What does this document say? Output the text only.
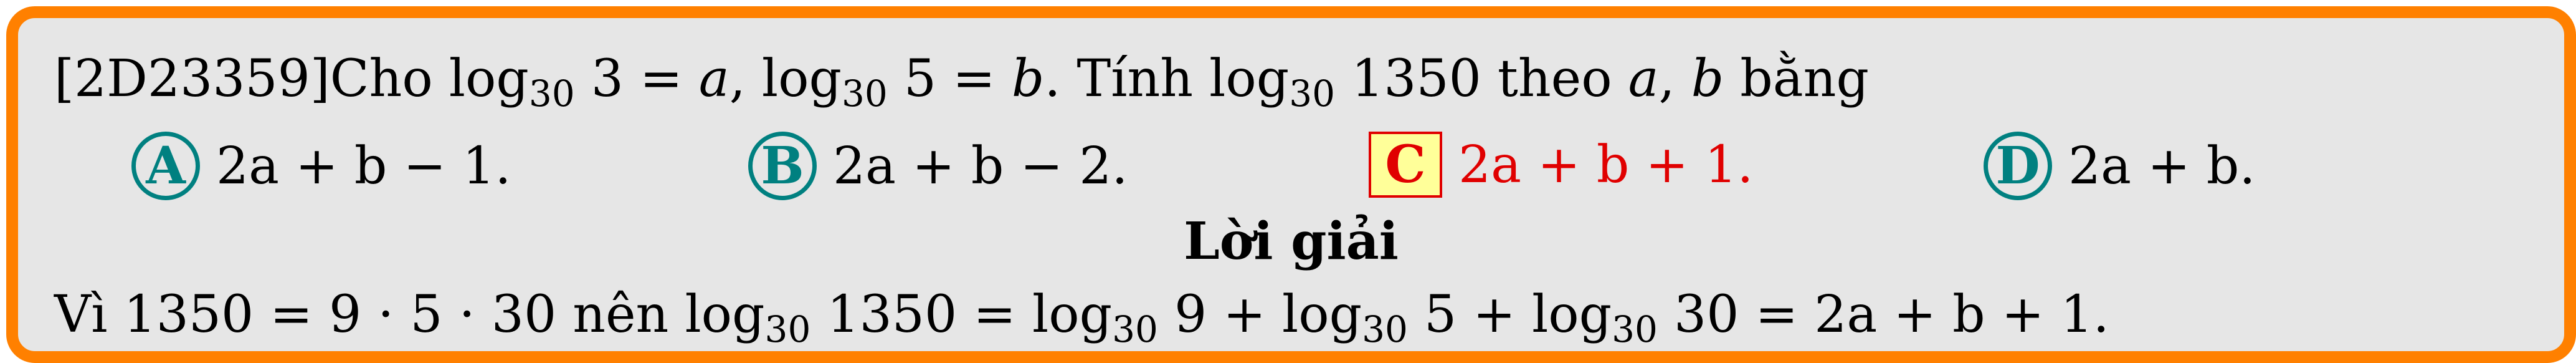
[2D23359]Cho $\log_{30} 3 = a$, $\log_{30} 5 = b$. Tính $\log_{30} 1350$ theo a, b bằng
A 2a + b − 1.	B 2a + b − 2.	C 2a + b + 1.	D 2a + b.
Lời giải
Vì 1350 = 9 · 5 · 30 nên $\log_{30} 1350 = \log_{30} 9 + \log_{30} 5 + \log_{30} 30 = 2a + b + 1$.
